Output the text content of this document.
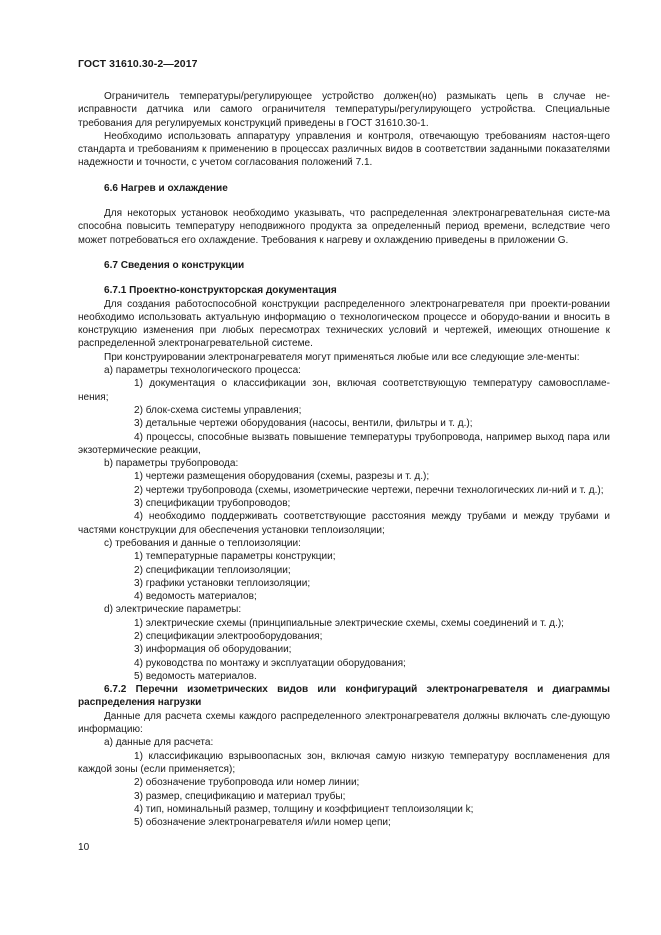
ГОСТ 31610.30-2—2017

Ограничитель температуры/регулирующее устройство должен(но) размыкать цепь в случае не-исправности датчика или самого ограничителя температуры/регулирующего устройства. Специальные требования для регулируемых конструкций приведены в ГОСТ 31610.30-1.

Необходимо использовать аппаратуру управления и контроля, отвечающую требованиям настоя-щего стандарта и требованиям к применению в процессах различных видов в соответствии заданными показателями надежности и точности, с учетом согласования положений 7.1.

6.6 Нагрев и охлаждение

Для некоторых установок необходимо указывать, что распределенная электронагревательная систе-ма способна повысить температуру неподвижного продукта за определенный период времени, вследствие чего может потребоваться его охлаждение. Требования к нагреву и охлаждению приведены в приложении G.

6.7 Сведения о конструкции

6.7.1 Проектно-конструкторская документация

Для создания работоспособной конструкции распределенного электронагревателя при проекти-ровании необходимо использовать актуальную информацию о технологическом процессе и оборудо-вании и вносить в конструкцию изменения при любых пересмотрах технических условий и чертежей, имеющих отношение к распределенной электронагревательной системе.

При конструировании электронагревателя могут применяться любые или все следующие эле-менты:

а) параметры технологического процесса:

1) документация о классификации зон, включая соответствующую температуру самовоспламе-нения;

2) блок-схема системы управления;

3) детальные чертежи оборудования (насосы, вентили, фильтры и т. д.);

4) процессы, способные вызвать повышение температуры трубопровода, например выход пара или экзотермические реакции,

b) параметры трубопровода:

1) чертежи размещения оборудования (схемы, разрезы и т. д.);

2) чертежи трубопровода (схемы, изометрические чертежи, перечни технологических ли-ний и т. д.);

3) спецификации трубопроводов;

4) необходимо поддерживать соответствующие расстояния между трубами и между трубами и частями конструкции для обеспечения установки теплоизоляции;

с) требования и данные о теплоизоляции:

1) температурные параметры конструкции;

2) спецификации теплоизоляции;

3) графики установки теплоизоляции;

4) ведомость материалов;

d) электрические параметры:

1) электрические схемы (принципиальные электрические схемы, схемы соединений и т. д.);

2) спецификации электрооборудования;

3) информация об оборудовании;

4) руководства по монтажу и эксплуатации оборудования;

5) ведомость материалов.

6.7.2 Перечни изометрических видов или конфигураций электронагревателя и диаграммы распределения нагрузки

Данные для расчета схемы каждого распределенного электронагревателя должны включать сле-дующую информацию:

а) данные для расчета:

1) классификацию взрывоопасных зон, включая самую низкую температуру воспламенения для каждой зоны (если применяется);

2) обозначение трубопровода или номер линии;

3) размер, спецификацию и материал трубы;

4) тип, номинальный размер, толщину и коэффициент теплоизоляции k;

5) обозначение электронагревателя и/или номер цепи;

10
